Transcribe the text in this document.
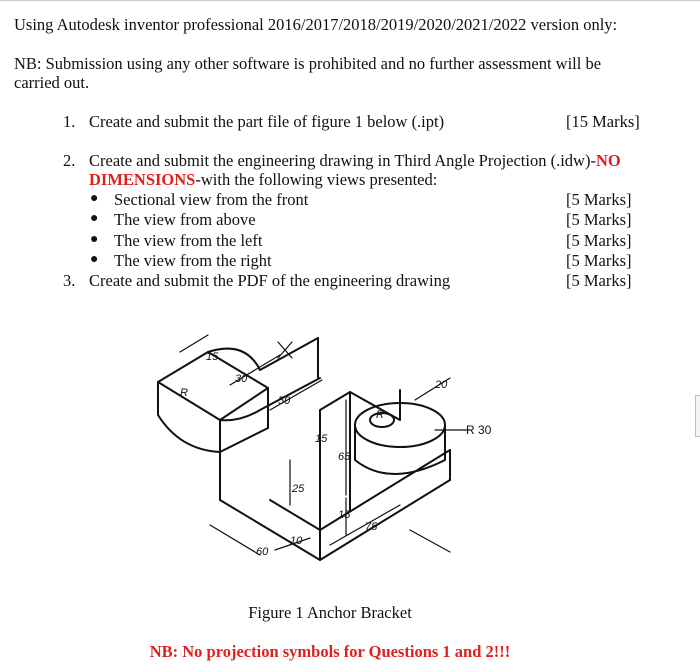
Using Autodesk inventor professional 2016/2017/2018/2019/2020/2021/2022 version only:
NB: Submission using any other software is prohibited and no further assessment will be
carried out.
1. Create and submit the part file of figure 1 below (.ipt)	[15 Marks]
2. Create and submit the engineering drawing in Third Angle Projection (.idw)-NO
DIMENSIONS-with the following views presented:
● Sectional view from the front	[5 Marks]
● The view from above	[5 Marks]
● The view from the left	[5 Marks]
● The view from the right	[5 Marks]
3. Create and submit the PDF of the engineering drawing	[5 Marks]
15
30
50
20
15
65
25
15
75
60
10
R
R
R 30
Figure 1 Anchor Bracket
NB: No projection symbols for Questions 1 and 2!!!
